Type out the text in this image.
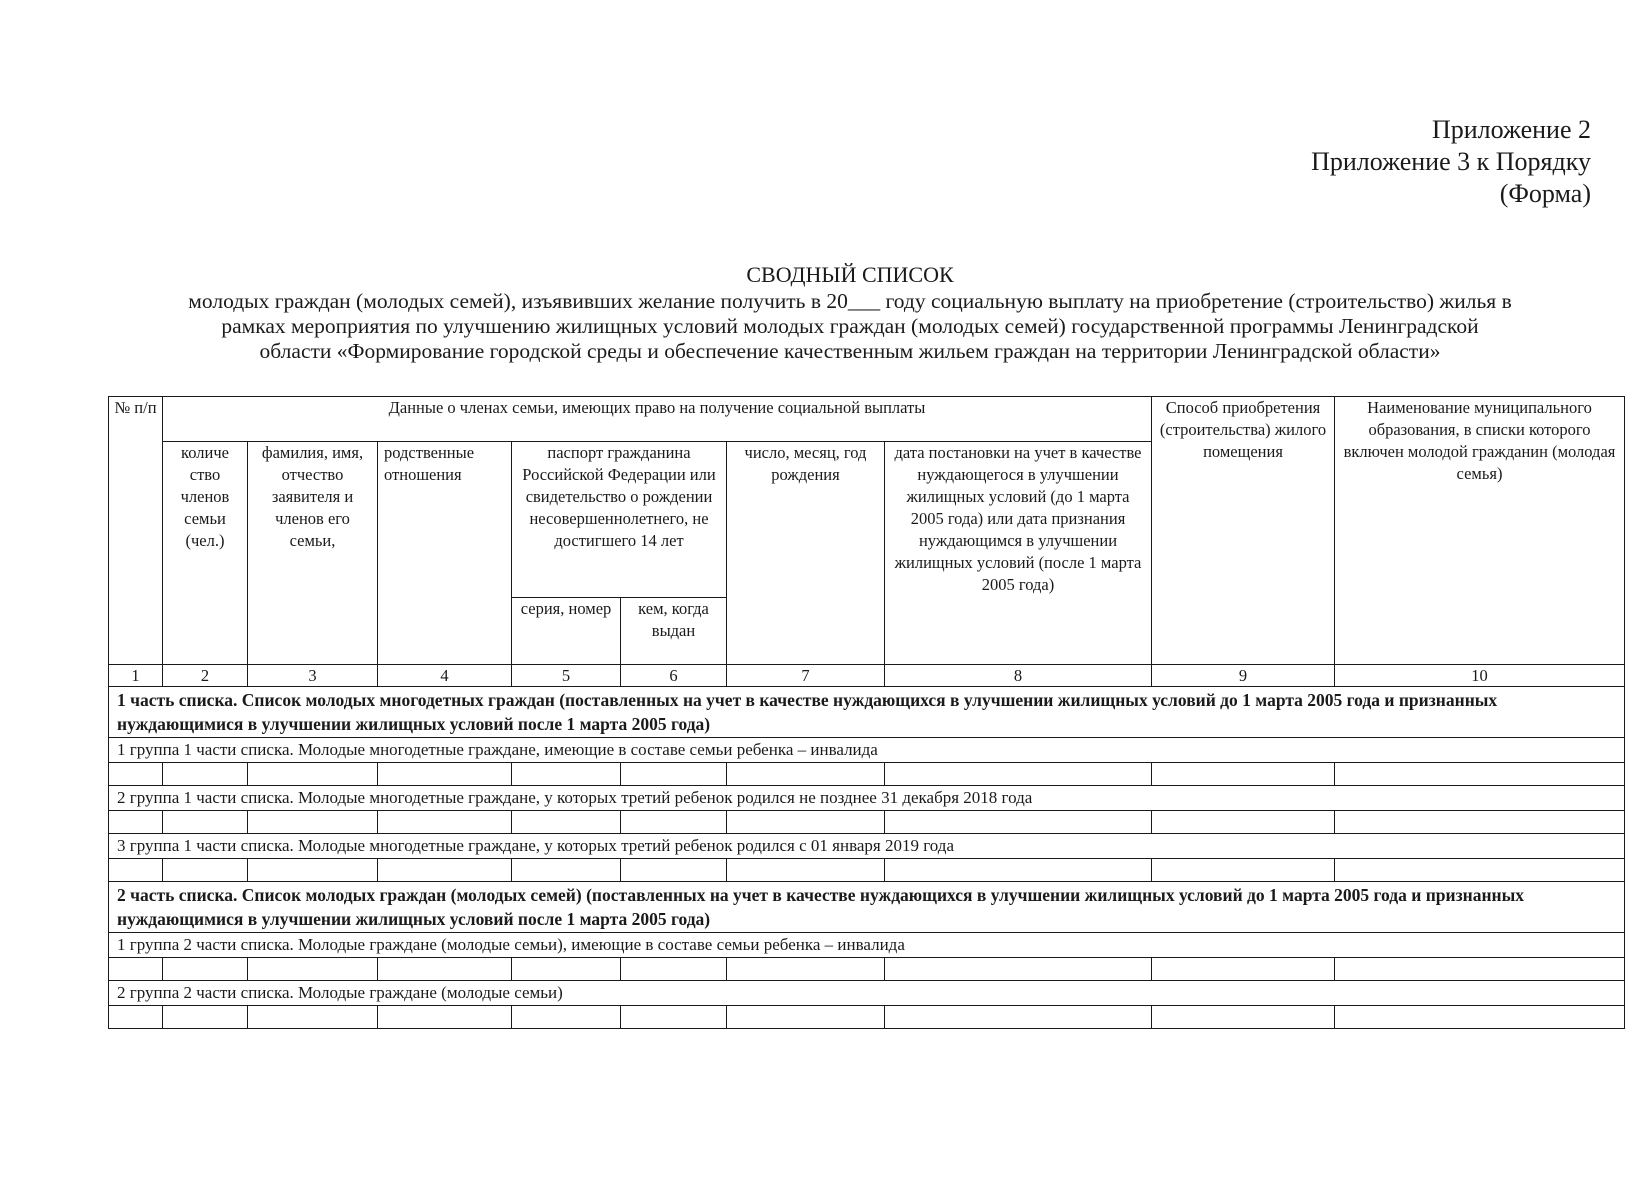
Приложение 2
Приложение 3 к Порядку
(Форма)
СВОДНЫЙ СПИСОК
молодых граждан (молодых семей), изъявивших желание получить в 20___ году социальную выплату на приобретение (строительство) жилья в
рамках мероприятия по улучшению жилищных условий молодых граждан (молодых семей) государственной программы Ленинградской
области «Формирование городской среды и обеспечение качественным жильем граждан на территории Ленинградской области»
№ п/п	Данные о членах семьи, имеющих право на получение социальной выплаты							Способ приобретения (строительства) жилого помещения	Наименование муниципального образования, в списки которого включен молодой гражданин (молодая семья)
	количе ство членов семьи (чел.)	фамилия, имя, отчество заявителя и членов его семьи,	родственные отношения	паспорт гражданина Российской Федерации или свидетельство о рождении несовершеннолетнего, не достигшего 14 лет		число, месяц, год рождения	дата постановки на учет в качестве нуждающегося в улучшении жилищных условий (до 1 марта 2005 года) или дата признания нуждающимся в улучшении жилищных условий (после 1 марта 2005 года)		
				серия, номер	кем, когда выдан				
1	2	3	4	5	6	7	8	9	10
1 часть списка. Список молодых многодетных граждан (поставленных на учет в качестве нуждающихся в улучшении жилищных условий до 1 марта 2005 года и признанных нуждающимися в улучшении жилищных условий после 1 марта 2005 года)									
1 группа 1 части списка. Молодые многодетные граждане, имеющие в составе семьи ребенка – инвалида									

2 группа 1 части списка. Молодые многодетные граждане, у которых третий ребенок родился не позднее 31 декабря 2018 года									

3 группа 1 части списка. Молодые многодетные граждане, у которых третий ребенок родился с 01 января 2019 года									

2 часть списка. Список молодых граждан (молодых семей) (поставленных на учет в качестве нуждающихся в улучшении жилищных условий до 1 марта 2005 года и признанных нуждающимися в улучшении жилищных условий после 1 марта 2005 года)									
1 группа 2 части списка. Молодые граждане (молодые семьи), имеющие в составе семьи ребенка – инвалида									

2 группа 2 части списка. Молодые граждане (молодые семьи)									
